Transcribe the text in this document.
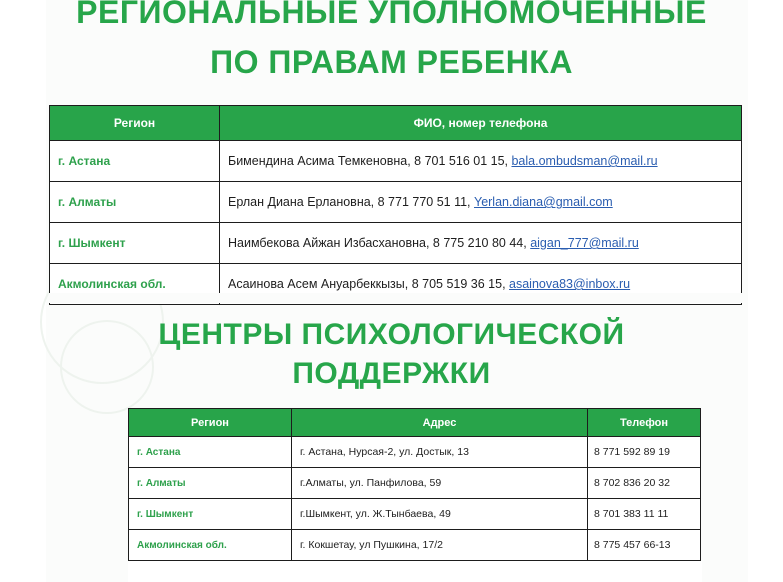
РЕГИОНАЛЬНЫЕ УПОЛНОМОЧЕННЫЕ
ПО ПРАВАМ РЕБЕНКА
Регион	ФИО, номер телефона
г. Астана	Бимендина Асима Темкеновна, 8 701 516 01 15, bala.ombudsman@mail.ru
г. Алматы	Ерлан Диана Ерлановна, 8 771 770 51 11, Yerlan.diana@gmail.com
г. Шымкент	Наимбекова Айжан Избасхановна, 8 775 210 80 44, aigan_777@mail.ru
Акмолинская обл.	Асаинова Асем Ануарбеккызы, 8 705 519 36 15, asainova83@inbox.ru
ЦЕНТРЫ ПСИХОЛОГИЧЕСКОЙ
ПОДДЕРЖКИ
Регион	Адрес	Телефон
г. Астана	г. Астана, Нурсая-2, ул. Достык, 13	8 771 592 89 19
г. Алматы	г.Алматы, ул. Панфилова, 59	8 702 836 20 32
г. Шымкент	г.Шымкент, ул. Ж.Тынбаева, 49	8 701 383 11 11
Акмолинская обл.	г. Кокшетау, ул Пушкина, 17/2	8 775 457 66-13
